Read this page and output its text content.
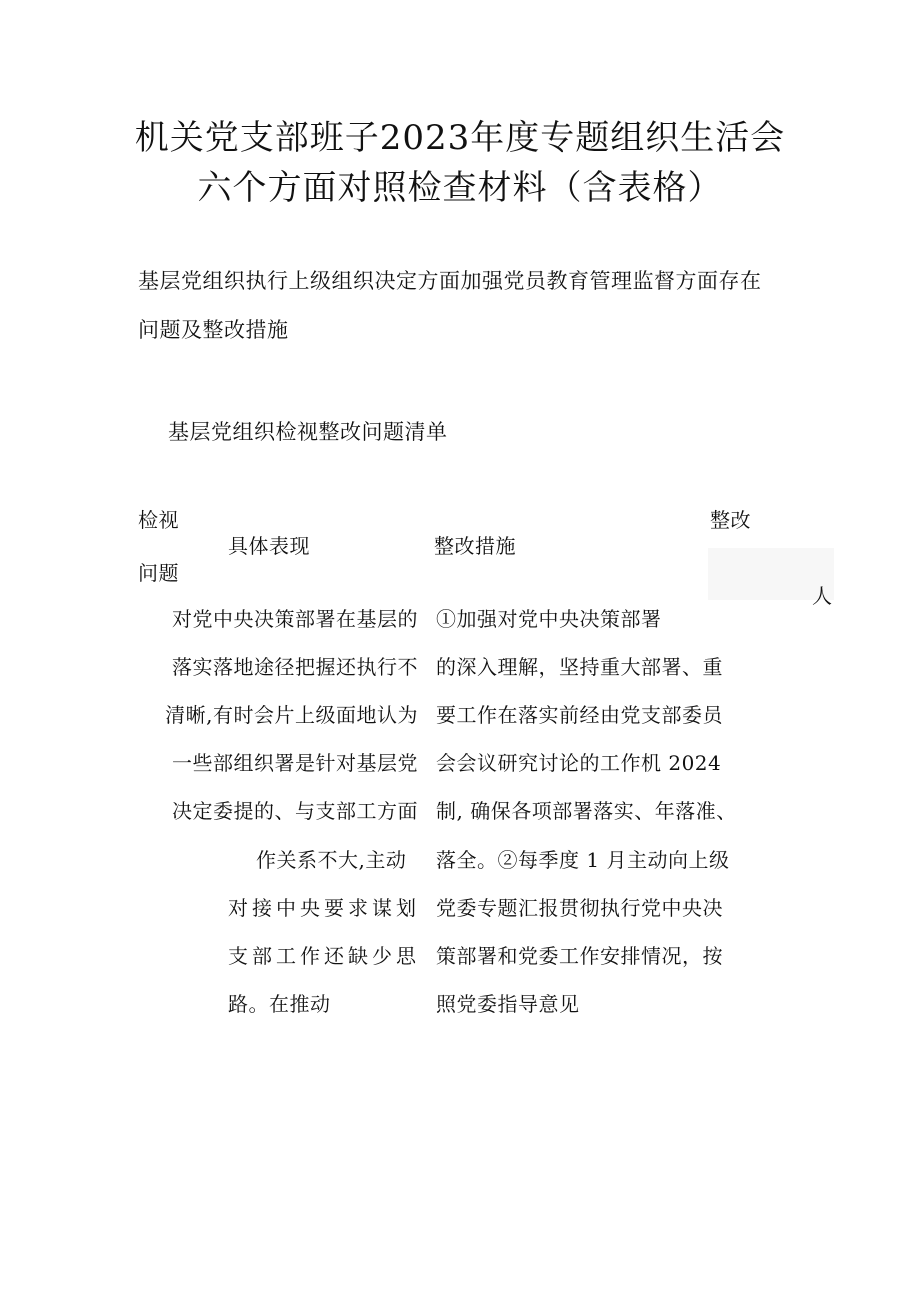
机关党支部班子2023年度专题组织生活会
六个方面对照检查材料（含表格）
基层党组织执行上级组织决定方面加强党员教育管理监督方面存在
问题及整改措施
基层党组织检视整改问题清单
检视
问题
具体表现	整改措施
整改
人
对党中央决策部署在基层的
落实落地途径把握还执行不
清晰,有时会片上级面地认为
一些部组织署是针对基层党
决定委提的、与支部工方面
作关系不大,主动
对接中央要求谋划
支部工作还缺少思
路。在推动
①加强对党中央决策部署
的深入理解，坚持重大部署、重
要工作在落实前经由党支部委员
会会议研究讨论的工作机 2024
制, 确保各项部署落实、年落准、
落全。②每季度 1 月主动向上级
党委专题汇报贯彻执行党中央决
策部署和党委工作安排情况，按
照党委指导意见
